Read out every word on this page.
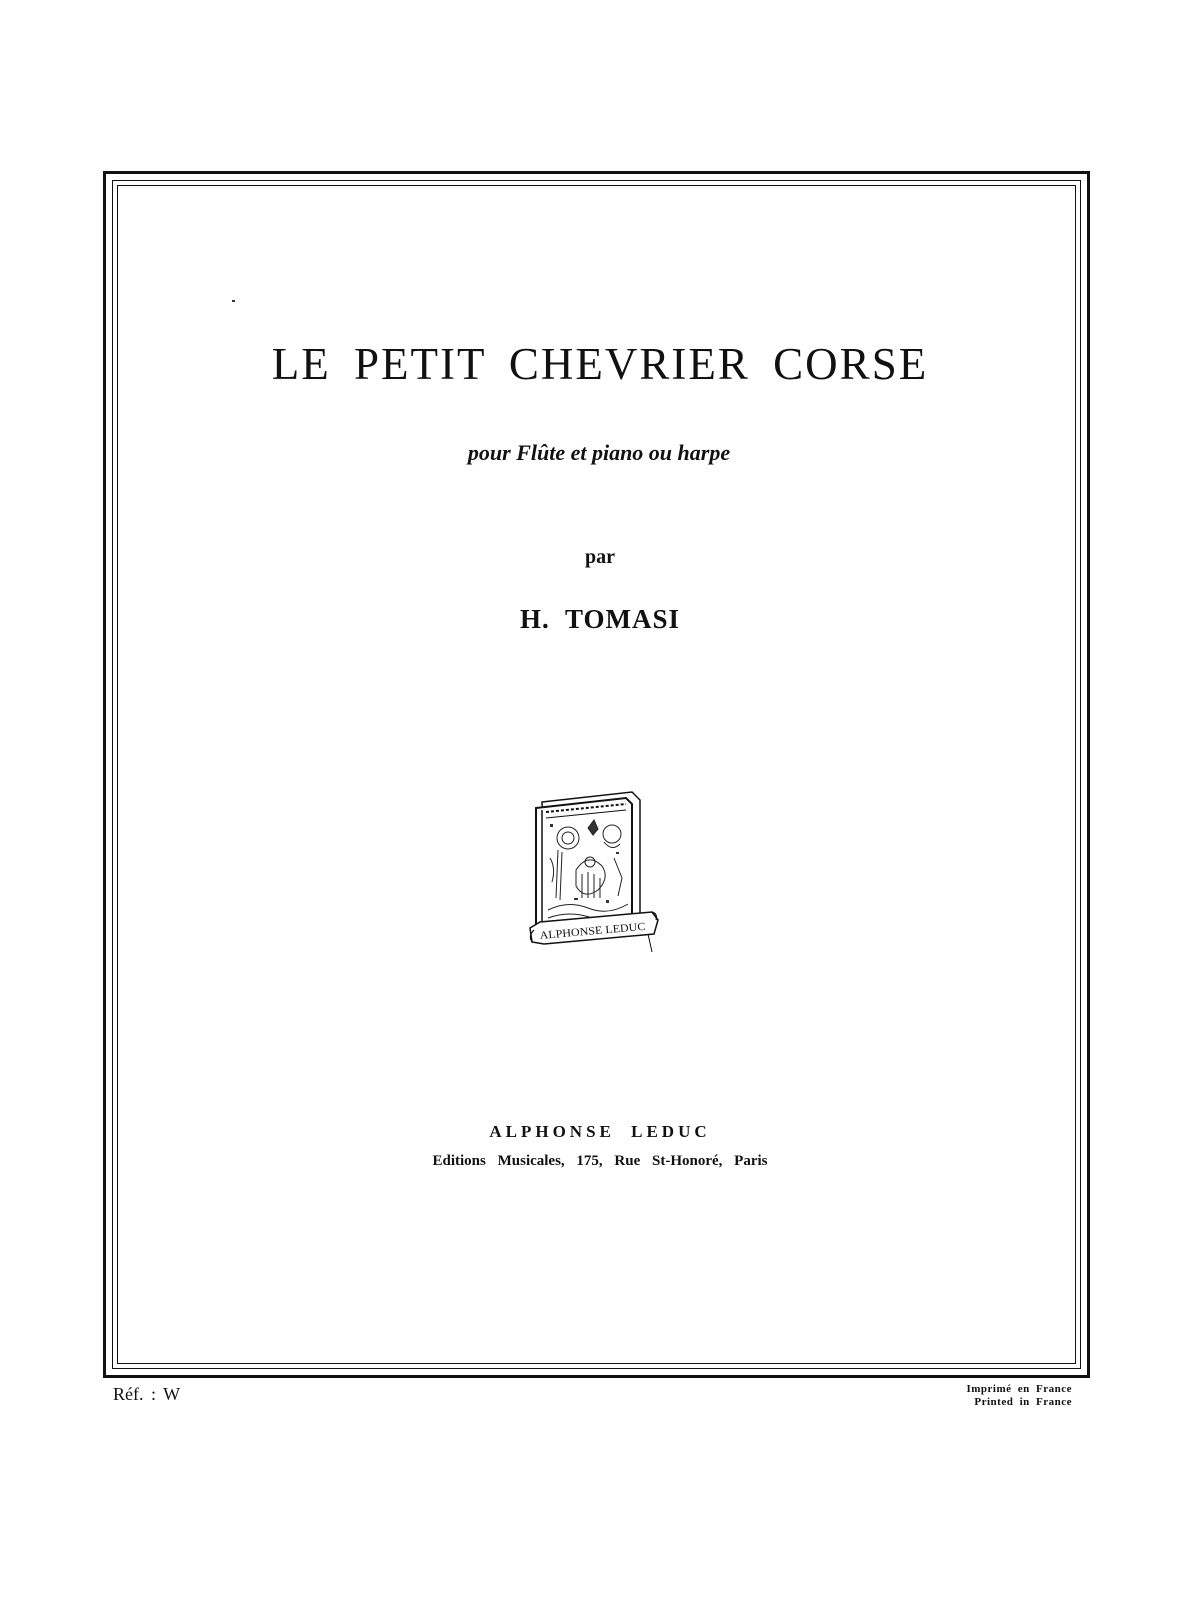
LE PETIT CHEVRIER CORSE
pour Flûte et piano ou harpe
par
H. TOMASI
ALPHONSE LEDUC
ALPHONSE LEDUC
Editions Musicales, 175, Rue St-Honoré, Paris
Réf. : W	Imprimé en France
Printed in France
